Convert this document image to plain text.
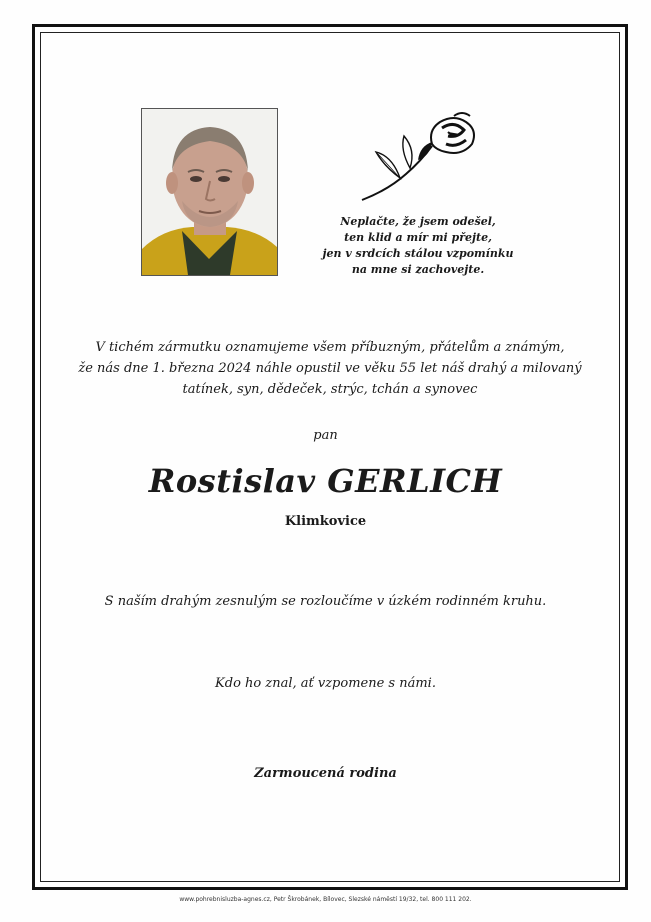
Neplačte, že jsem odešel,
ten klid a mír mi přejte,
jen v srdcích stálou vzpomínku
na mne si zachovejte.
V tichém zármutku oznamujeme všem příbuzným, přátelům a známým,
že nás dne 1. března 2024 náhle opustil ve věku 55 let náš drahý a milovaný
tatínek, syn, dědeček, strýc, tchán a synovec
pan
Rostislav GERLICH
Klimkovice
S naším drahým zesnulým se rozloučíme v úzkém rodinném kruhu.
Kdo ho znal, ať vzpomene s námi.
Zarmoucená rodina
www.pohrebnisluzba-agnes.cz, Petr Škrobánek, Bílovec, Slezské náměstí 19/32, tel. 800 111 202.
